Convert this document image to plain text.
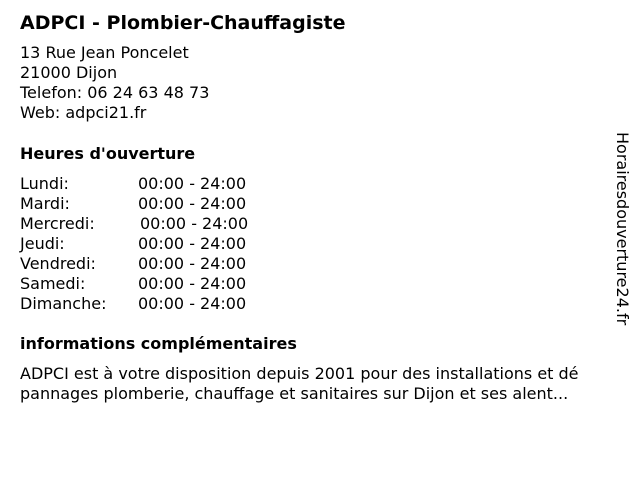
ADPCI - Plombier-Chauffagiste
13 Rue Jean Poncelet
21000 Dijon
Telefon: 06 24 63 48 73
Web: adpci21.fr
Heures d'ouverture
Lundi:	00:00 - 24:00
Mardi:	00:00 - 24:00
Mercredi:	00:00 - 24:00
Jeudi:	00:00 - 24:00
Vendredi:	00:00 - 24:00
Samedi:	00:00 - 24:00
Dimanche: 00:00 - 24:00
informations complémentaires
ADPCI est à votre disposition depuis 2001 pour des installations et dé
pannages plomberie, chauffage et sanitaires sur Dijon et ses alent...
Horairesdouverture24.fr
